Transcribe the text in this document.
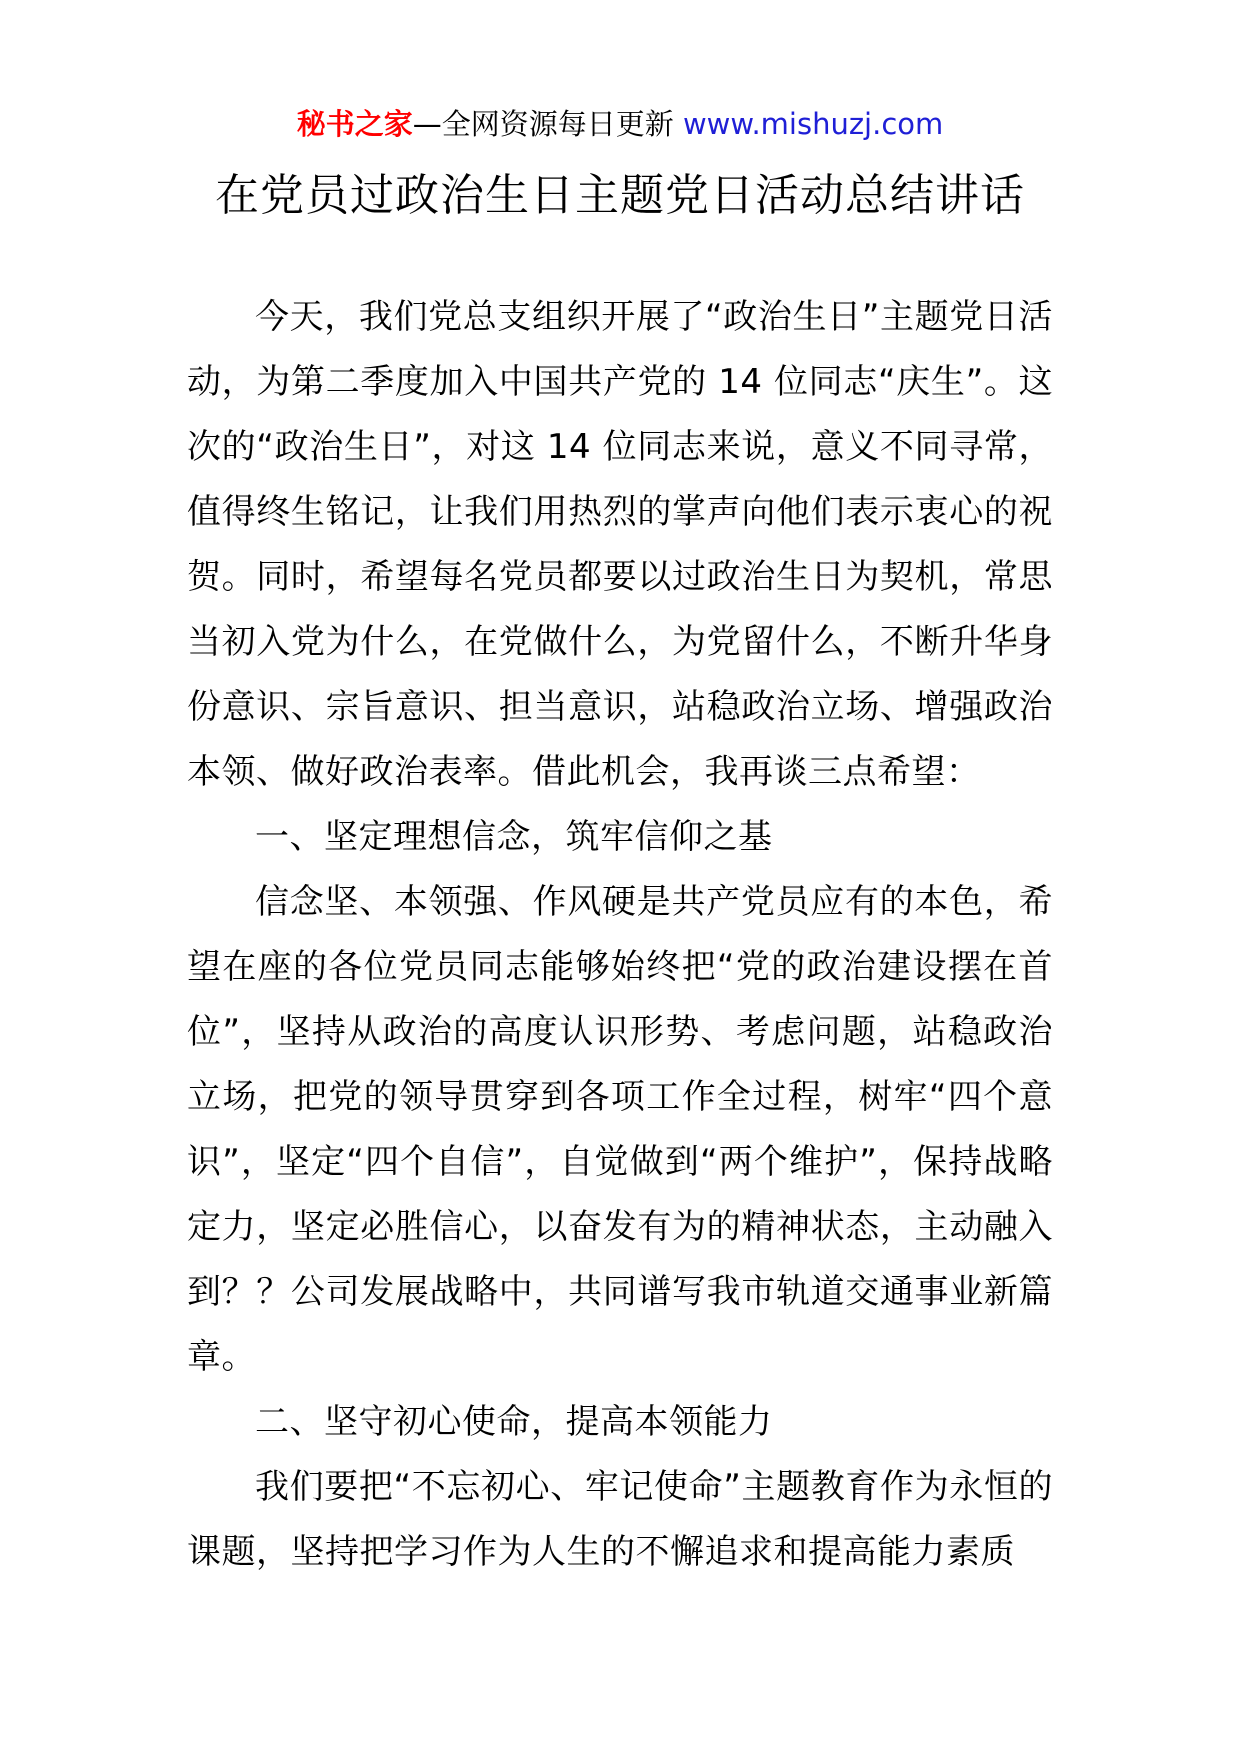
秘书之家—全网资源每日更新 www.mishuzj.com
在党员过政治生日主题党日活动总结讲话

今天，我们党总支组织开展了“政治生日”主题党日活动，为第二季度加入中国共产党的 14 位同志“庆生”。这次的“政治生日”，对这 14 位同志来说，意义不同寻常，值得终生铭记，让我们用热烈的掌声向他们表示衷心的祝贺。同时，希望每名党员都要以过政治生日为契机，常思当初入党为什么，在党做什么，为党留什么，不断升华身份意识、宗旨意识、担当意识，站稳政治立场、增强政治本领、做好政治表率。借此机会，我再谈三点希望：

一、坚定理想信念，筑牢信仰之基

信念坚、本领强、作风硬是共产党员应有的本色，希望在座的各位党员同志能够始终把“党的政治建设摆在首位”，坚持从政治的高度认识形势、考虑问题，站稳政治立场，把党的领导贯穿到各项工作全过程，树牢“四个意识”，坚定“四个自信”，自觉做到“两个维护”，保持战略定力，坚定必胜信心，以奋发有为的精神状态，主动融入到？？公司发展战略中，共同谱写我市轨道交通事业新篇章。

二、坚守初心使命，提高本领能力

我们要把“不忘初心、牢记使命”主题教育作为永恒的课题，坚持把学习作为人生的不懈追求和提高能力素质
